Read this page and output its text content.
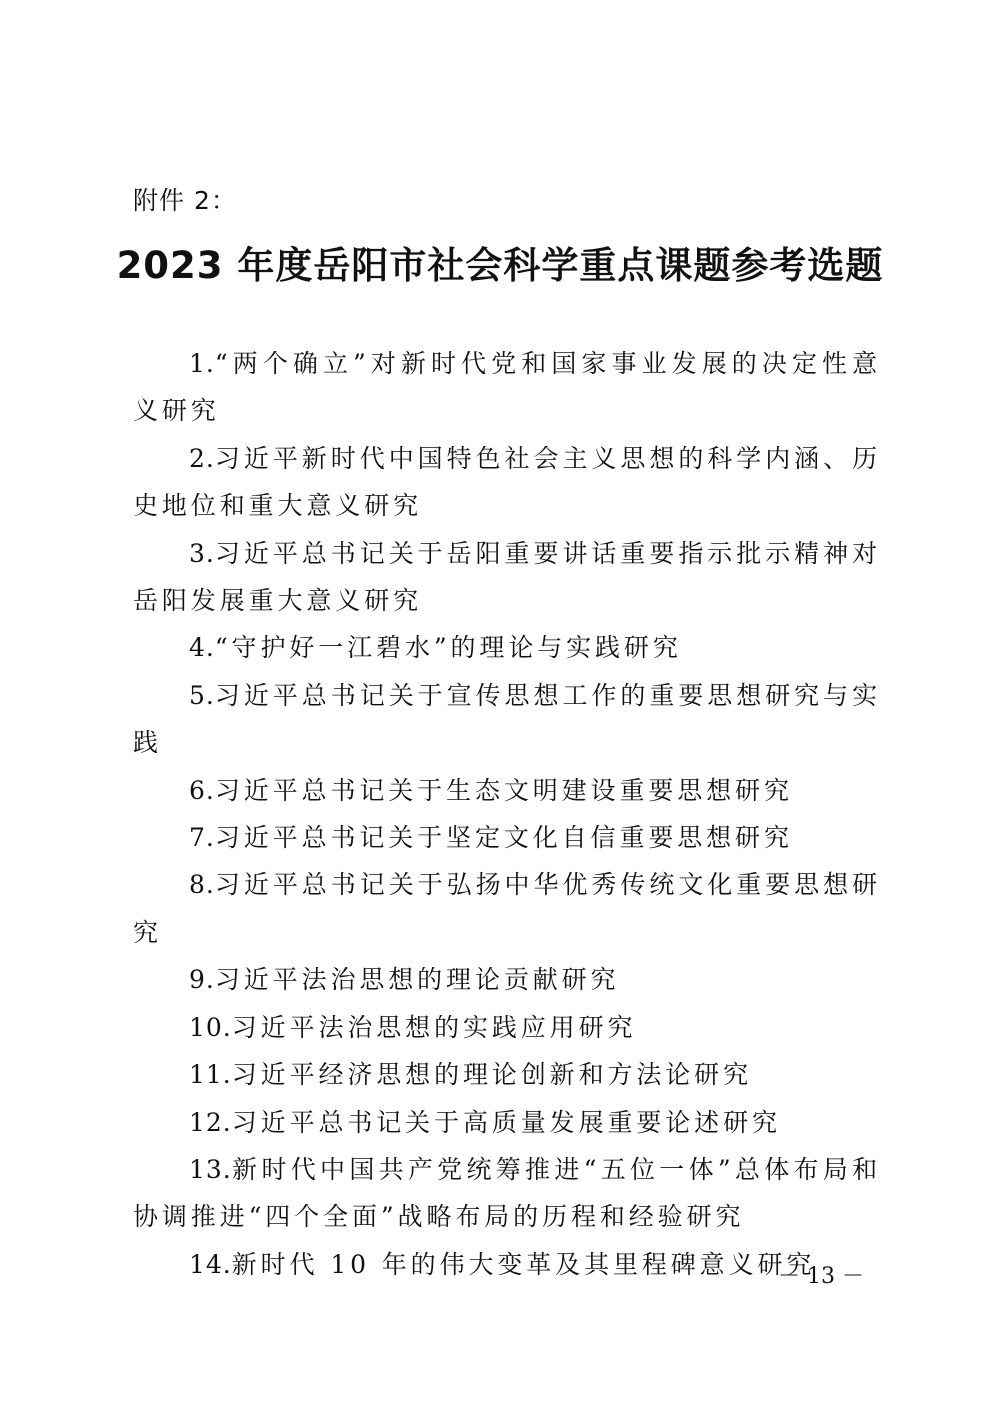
附件 2：
2023 年度岳阳市社会科学重点课题参考选题
1.“两个确立”对新时代党和国家事业发展的决定性意义研究
2.习近平新时代中国特色社会主义思想的科学内涵、历史地位和重大意义研究
3.习近平总书记关于岳阳重要讲话重要指示批示精神对岳阳发展重大意义研究
4.“守护好一江碧水”的理论与实践研究
5.习近平总书记关于宣传思想工作的重要思想研究与实践
6.习近平总书记关于生态文明建设重要思想研究
7.习近平总书记关于坚定文化自信重要思想研究
8.习近平总书记关于弘扬中华优秀传统文化重要思想研究
9.习近平法治思想的理论贡献研究
10.习近平法治思想的实践应用研究
11.习近平经济思想的理论创新和方法论研究
12.习近平总书记关于高质量发展重要论述研究
13.新时代中国共产党统筹推进“五位一体”总体布局和协调推进“四个全面”战略布局的历程和经验研究
14.新时代 10 年的伟大变革及其里程碑意义研究
－ 13 －
